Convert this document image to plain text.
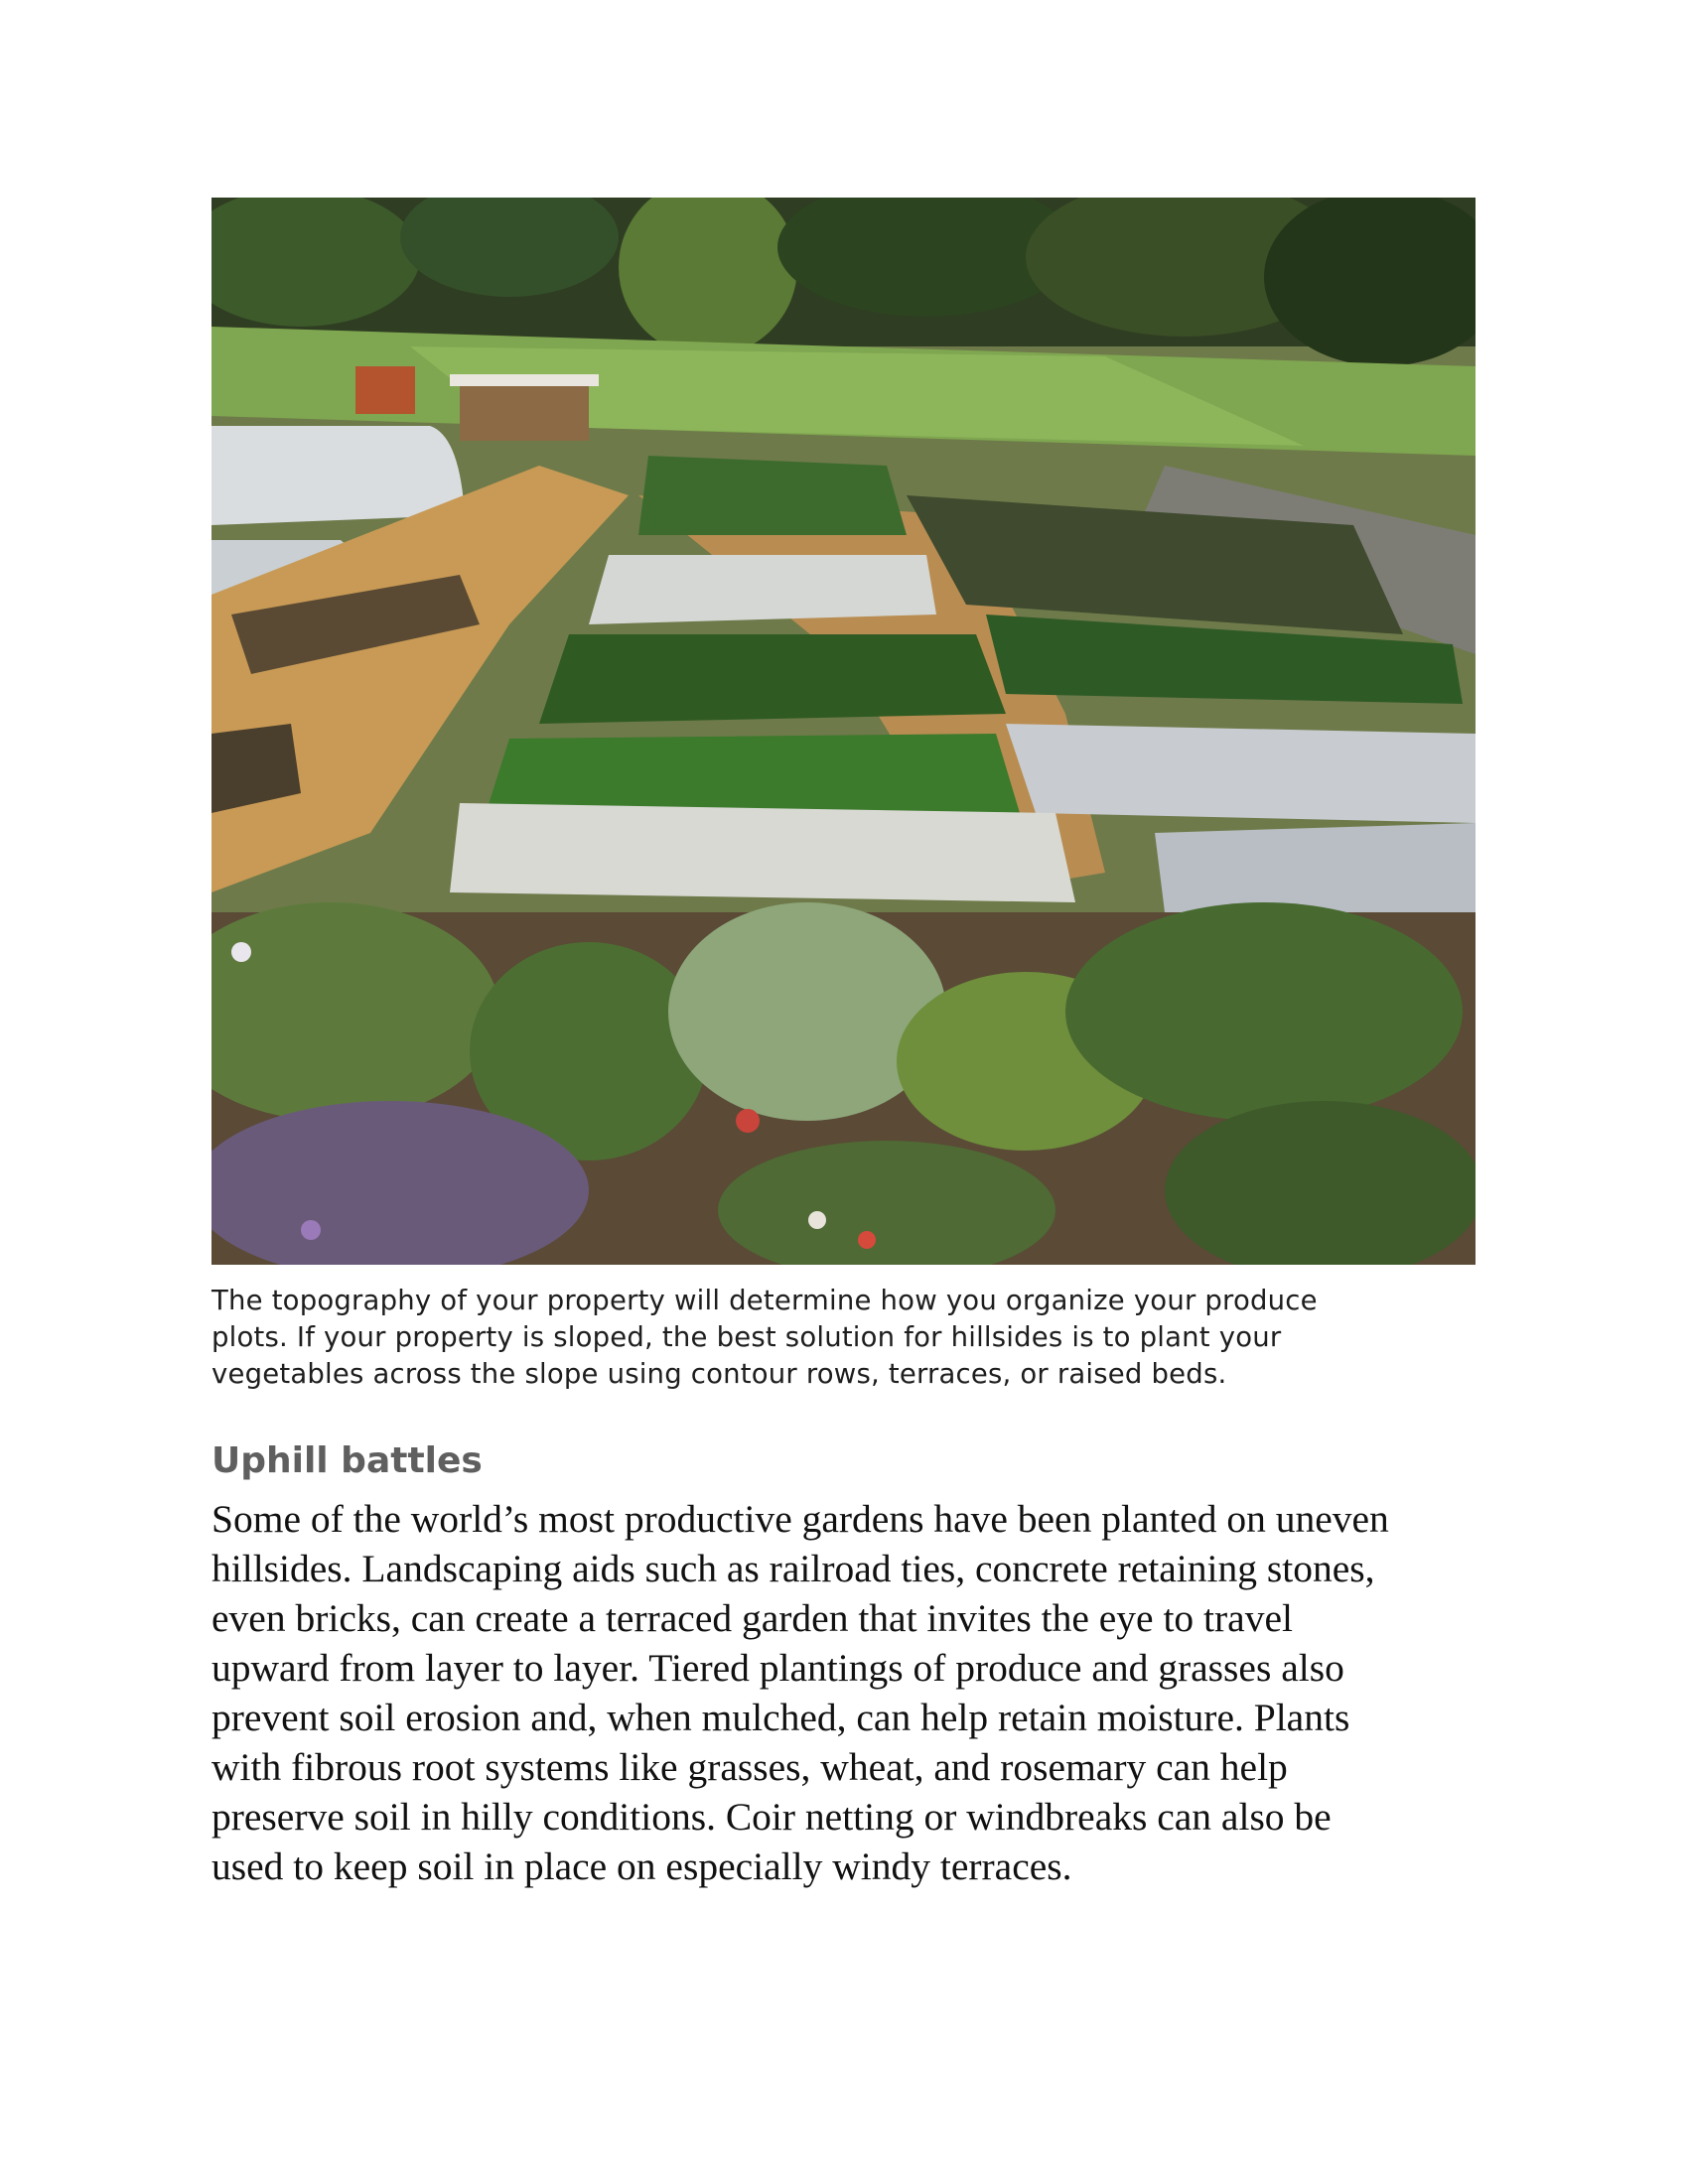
The topography of your property will determine how you organize your produce
plots. If your property is sloped, the best solution for hillsides is to plant your
vegetables across the slope using contour rows, terraces, or raised beds.
Uphill battles

Some of the world’s most productive gardens have been planted on uneven
hillsides. Landscaping aids such as railroad ties, concrete retaining stones,
even bricks, can create a terraced garden that invites the eye to travel
upward from layer to layer. Tiered plantings of produce and grasses also
prevent soil erosion and, when mulched, can help retain moisture. Plants
with fibrous root systems like grasses, wheat, and rosemary can help
preserve soil in hilly conditions. Coir netting or windbreaks can also be
used to keep soil in place on especially windy terraces.
